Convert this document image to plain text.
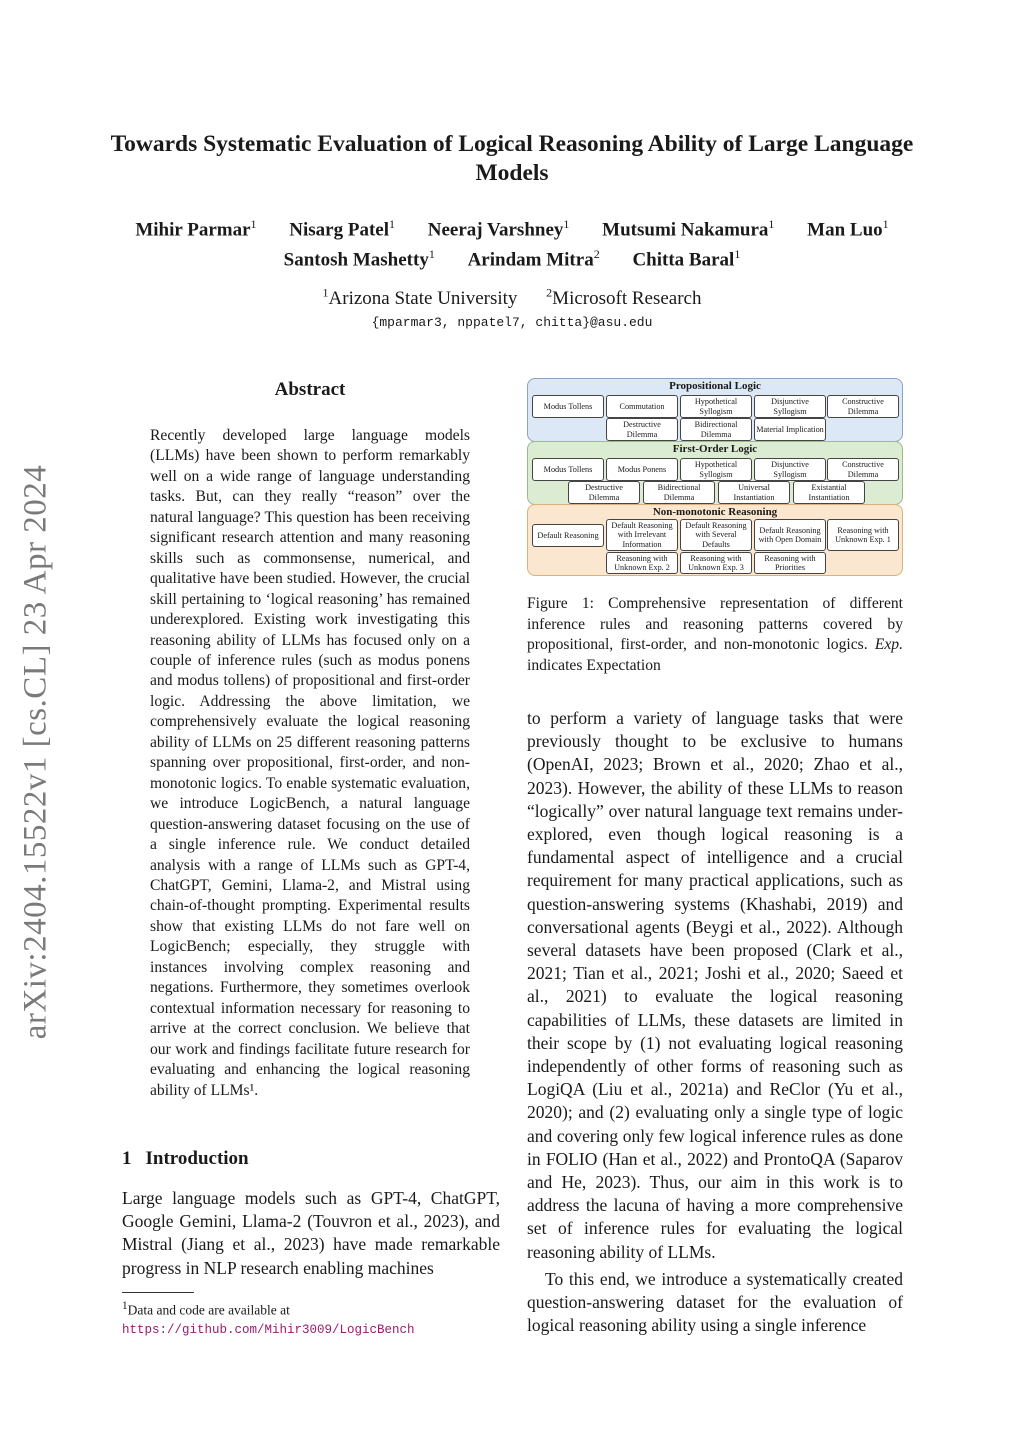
Towards Systematic Evaluation of Logical Reasoning Ability of Large Language Models
Mihir Parmar$^1$ Nisarg Patel$^1$ Neeraj Varshney$^1$ Mutsumi Nakamura$^1$ Man Luo$^1$
Santosh Mashetty$^1$ Arindam Mitra$^2$ Chitta Baral$^1$
$^1$Arizona State University $^2$Microsoft Research
{mparmar3, nppatel7, chitta}@asu.edu
arXiv:2404.15522v1 [cs.CL] 23 Apr 2024
Abstract

Recently developed large language models (LLMs) have been shown to perform remarkably well on a wide range of language understanding tasks. But, can they really “reason” over the natural language? This question has been receiving significant research attention and many reasoning skills such as commonsense, numerical, and qualitative have been studied. However, the crucial skill pertaining to ‘logical reasoning’ has remained underexplored. Existing work investigating this reasoning ability of LLMs has focused only on a couple of inference rules (such as modus ponens and modus tollens) of propositional and first-order logic. Addressing the above limitation, we comprehensively evaluate the logical reasoning ability of LLMs on 25 different reasoning patterns spanning over propositional, first-order, and non-monotonic logics. To enable systematic evaluation, we introduce LogicBench, a natural language question-answering dataset focusing on the use of a single inference rule. We conduct detailed analysis with a range of LLMs such as GPT-4, ChatGPT, Gemini, Llama-2, and Mistral using chain-of-thought prompting. Experimental results show that existing LLMs do not fare well on LogicBench; especially, they struggle with instances involving complex reasoning and negations. Furthermore, they sometimes overlook contextual information necessary for reasoning to arrive at the correct conclusion. We believe that our work and findings facilitate future research for evaluating and enhancing the logical reasoning ability of LLMs¹.

1 Introduction

Large language models such as GPT-4, ChatGPT, Google Gemini, Llama-2 (Touvron et al., 2023), and Mistral (Jiang et al., 2023) have made remarkable progress in NLP research enabling machines

$^1$Data and code are available at https://github.com/Mihir3009/LogicBench
Propositional Logic
Modus Tollens	Commutation
Hypothetical Syllogism
Disjunctive Syllogism
Constructive Dilemma
Destructive Dilemma
Bidirectional Dilemma
Material Implication
First-Order Logic
Modus Tollens	Modus Ponens
Hypothetical Syllogism
Disjunctive Syllogism
Constructive Dilemma
Destructive Dilemma
Bidirectional Dilemma
Universal Instantiation
Existantial Instantiation
Non-monotonic Reasoning
Default Reasoning
Default Reasoning with Irrelevant Information
Default Reasoning with Several Defaults
Default Reasoning with Open Domain
Reasoning with Unknown Exp. 1
Reasoning with Unknown Exp. 2
Reasoning with Unknown Exp. 3
Reasoning with Priorities
Figure 1: Comprehensive representation of different inference rules and reasoning patterns covered by propositional, first-order, and non-monotonic logics. Exp. indicates Expectation

to perform a variety of language tasks that were previously thought to be exclusive to humans (OpenAI, 2023; Brown et al., 2020; Zhao et al., 2023). However, the ability of these LLMs to reason “logically” over natural language text remains under-explored, even though logical reasoning is a fundamental aspect of intelligence and a crucial requirement for many practical applications, such as question-answering systems (Khashabi, 2019) and conversational agents (Beygi et al., 2022). Although several datasets have been proposed (Clark et al., 2021; Tian et al., 2021; Joshi et al., 2020; Saeed et al., 2021) to evaluate the logical reasoning capabilities of LLMs, these datasets are limited in their scope by (1) not evaluating logical reasoning independently of other forms of reasoning such as LogiQA (Liu et al., 2021a) and ReClor (Yu et al., 2020); and (2) evaluating only a single type of logic and covering only few logical inference rules as done in FOLIO (Han et al., 2022) and ProntoQA (Saparov and He, 2023). Thus, our aim in this work is to address the lacuna of having a more comprehensive set of inference rules for evaluating the logical reasoning ability of LLMs.

To this end, we introduce a systematically created question-answering dataset for the evaluation of logical reasoning ability using a single inference
